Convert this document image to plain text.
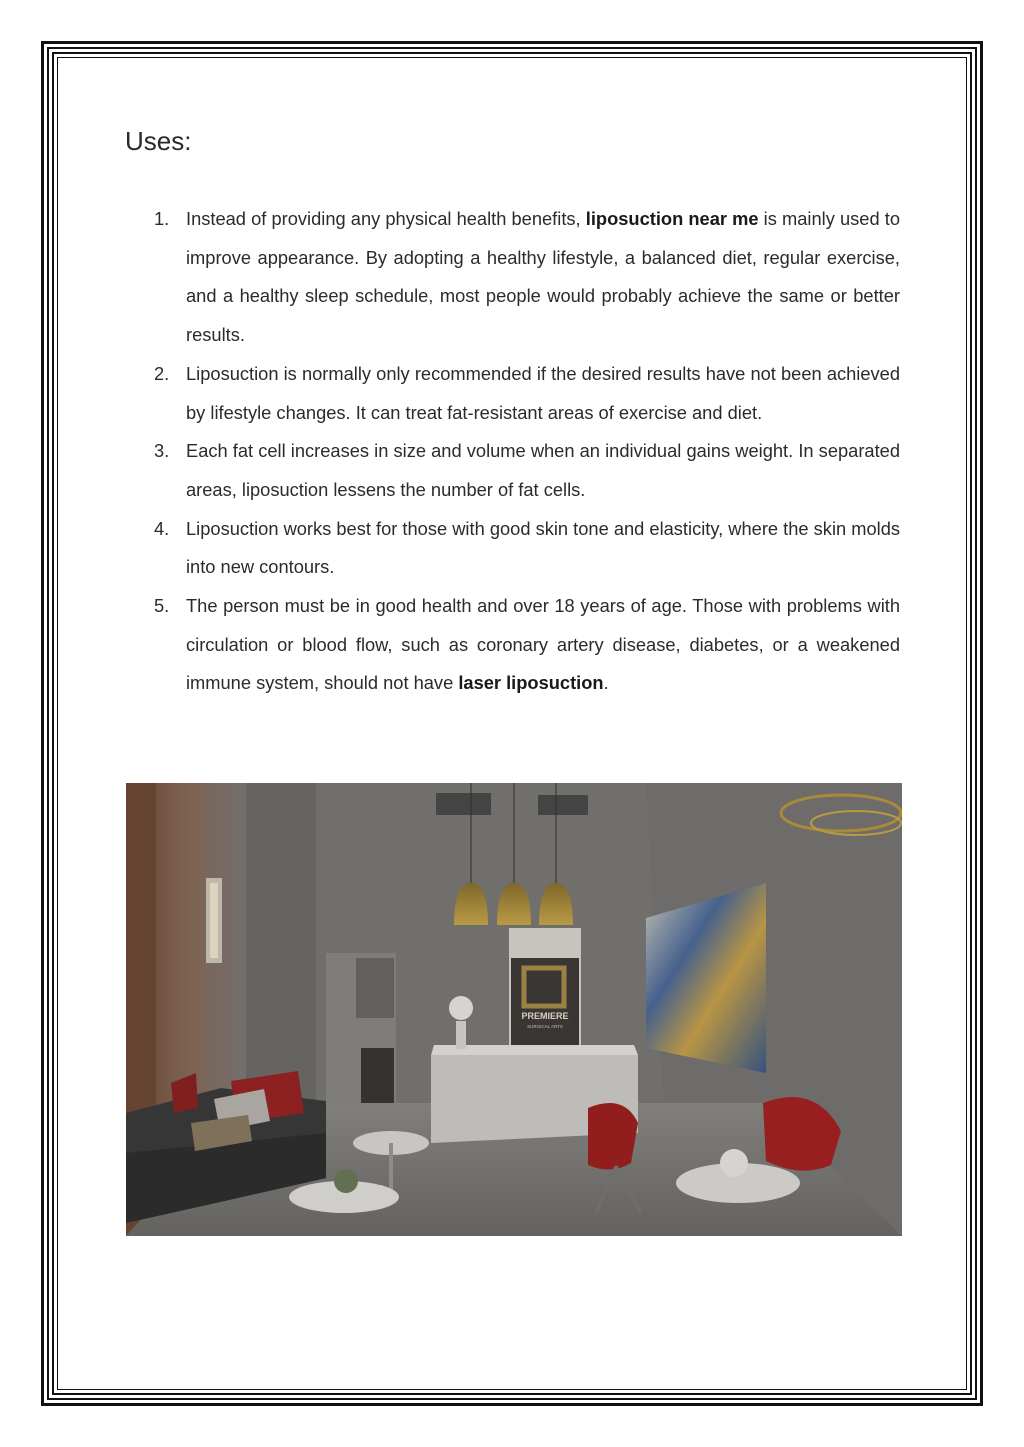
Uses:
1. Instead of providing any physical health benefits, liposuction near me is mainly used to improve appearance. By adopting a healthy lifestyle, a balanced diet, regular exercise, and a healthy sleep schedule, most people would probably achieve the same or better results.
2. Liposuction is normally only recommended if the desired results have not been achieved by lifestyle changes. It can treat fat-resistant areas of exercise and diet.
3. Each fat cell increases in size and volume when an individual gains weight. In separated areas, liposuction lessens the number of fat cells.
4. Liposuction works best for those with good skin tone and elasticity, where the skin molds into new contours.
5. The person must be in good health and over 18 years of age. Those with problems with circulation or blood flow, such as coronary artery disease, diabetes, or a weakened immune system, should not have laser liposuction.
PREMIERE
SURGICAL ARTS
